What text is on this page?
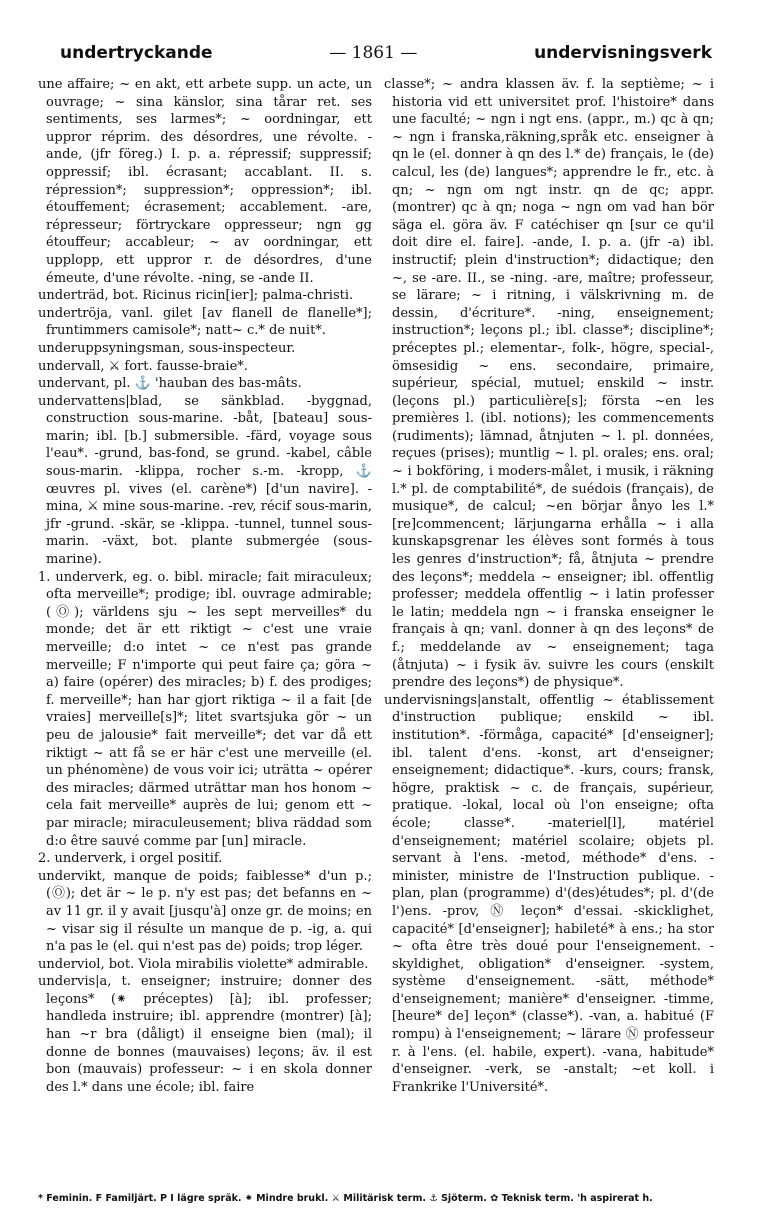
undertryckande	— 1861 —	undervisningsverk

une affaire; ~ en akt, ett arbete supp. un acte, un ouvrage; ~ sina känslor, sina tårar ret. ses sentiments, ses larmes*; ~ oordningar, ett uppror réprim. des désordres, une révolte. -ande, (jfr föreg.) I. p. a. répressif; suppressif; oppressif; ibl. écrasant; accablant. II. s. répression*; suppression*; oppression*; ibl. étouffement; écrasement; accablement. -are, répresseur; förtryckare oppresseur; ngn gg étouffeur; accableur; ~ av oordningar, ett upplopp, ett uppror r. de désordres, d'une émeute, d'une révolte. -ning, se -ande II.

underträd, bot. Ricinus ricin[ier]; palma-christi.

undertröja, vanl. gilet [av flanell de flanelle*]; fruntimmers camisole*; natt~ c.* de nuit*.

underuppsyningsman, sous-inspecteur.

undervall, ⚔ fort. fausse-braie*.

undervant, pl. ⚓ 'hauban des bas-mâts.

undervattens|blad, se sänkblad. -byggnad, construction sous-marine. -båt, [bateau] sous-marin; ibl. [b.] submersible. -färd, voyage sous l'eau*. -grund, bas-fond, se grund. -kabel, câble sous-marin. -klippa, rocher s.-m. -kropp, ⚓ œuvres pl. vives (el. carène*) [d'un navire]. -mina, ⚔ mine sous-marine. -rev, récif sous-marin, jfr -grund. -skär, se -klippa. -tunnel, tunnel sous-marin. -växt, bot. plante submergée (sous-marine).

1. underverk, eg. o. bibl. miracle; fait miraculeux; ofta merveille*; prodige; ibl. ouvrage admirable; (Ⓞ); världens sju ~ les sept merveilles* du monde; det är ett riktigt ~ c'est une vraie merveille; d:o intet ~ ce n'est pas grande merveille; F n'importe qui peut faire ça; göra ~ a) faire (opérer) des miracles; b) f. des prodiges; f. merveille*; han har gjort riktiga ~ il a fait [de vraies] merveille[s]*; litet svartsjuka gör ~ un peu de jalousie* fait merveille*; det var då ett riktigt ~ att få se er här c'est une merveille (el. un phénomène) de vous voir ici; uträtta ~ opérer des miracles; därmed uträttar man hos honom ~ cela fait merveille* auprès de lui; genom ett ~ par miracle; miraculeusement; bliva räddad som d:o être sauvé comme par [un] miracle.

2. underverk, i orgel positif.

undervikt, manque de poids; faiblesse* d'un p.; (Ⓞ); det är ~ le p. n'y est pas; det befanns en ~ av 11 gr. il y avait [jusqu'à] onze gr. de moins; en ~ visar sig il résulte un manque de p. -ig, a. qui n'a pas le (el. qui n'est pas de) poids; trop léger.

underviol, bot. Viola mirabilis violette* admirable.

undervis|a, t. enseigner; instruire; donner des leçons* (⁕ préceptes) [à]; ibl. professer; handleda instruire; ibl. apprendre (montrer) [à]; han ~r bra (dåligt) il enseigne bien (mal); il donne de bonnes (mauvaises) leçons; äv. il est bon (mauvais) professeur: ~ i en skola donner des l.* dans une école; ibl. faire

classe*; ~ andra klassen äv. f. la septième; ~ i historia vid ett universitet prof. l'histoire* dans une faculté; ~ ngn i ngt ens. (appr., m.) qc à qn; ~ ngn i franska,räkning,språk etc. enseigner à qn le (el. donner à qn des l.* de) français, le (de) calcul, les (de) langues*; apprendre le fr., etc. à qn; ~ ngn om ngt instr. qn de qc; appr. (montrer) qc à qn; noga ~ ngn om vad han bör säga el. göra äv. F catéchiser qn [sur ce qu'il doit dire el. faire]. -ande, I. p. a. (jfr -a) ibl. instructif; plein d'instruction*; didactique; den ~, se -are. II., se -ning. -are, maître; professeur, se lärare; ~ i ritning, i välskrivning m. de dessin, d'écriture*. -ning, enseignement; instruction*; leçons pl.; ibl. classe*; discipline*; préceptes pl.; elementar-, folk-, högre, special-, ömsesidig ~ ens. secondaire, primaire, supérieur, spécial, mutuel; enskild ~ instr. (leçons pl.) particulière[s]; första ~en les premières l. (ibl. notions); les commencements (rudiments); lämnad, åtnjuten ~ l. pl. données, reçues (prises); muntlig ~ l. pl. orales; ens. oral; ~ i bokföring, i moders-målet, i musik, i räkning l.* pl. de comptabilité*, de suédois (français), de musique*, de calcul; ~en börjar ånyo les l.* [re]commencent; lärjungarna erhålla ~ i alla kunskapsgrenar les élèves sont formés à tous les genres d'instruction*; få, åtnjuta ~ prendre des leçons*; meddela ~ enseigner; ibl. offentlig professer; meddela offentlig ~ i latin professer le latin; meddela ngn ~ i franska enseigner le français à qn; vanl. donner à qn des leçons* de f.; meddelande av ~ enseignement; taga (åtnjuta) ~ i fysik äv. suivre les cours (enskilt prendre des leçons*) de physique*.

undervisnings|anstalt, offentlig ~ établissement d'instruction publique; enskild ~ ibl. institution*. -förmåga, capacité* [d'enseigner]; ibl. talent d'ens. -konst, art d'enseigner; enseignement; didactique*. -kurs, cours; fransk, högre, praktisk ~ c. de français, supérieur, pratique. -lokal, local où l'on enseigne; ofta école; classe*. -materiel[l], matériel d'enseignement; matériel scolaire; objets pl. servant à l'ens. -metod, méthode* d'ens. -minister, ministre de l'Instruction publique. -plan, plan (programme) d'(des)études*; pl. d'(de l')ens. -prov, Ⓝ leçon* d'essai. -skicklighet, capacité* [d'enseigner]; habileté* à ens.; ha stor ~ ofta être très doué pour l'enseignement. -skyldighet, obligation* d'enseigner. -system, système d'enseignement. -sätt, méthode* d'enseignement; manière* d'enseigner. -timme, [heure* de] leçon* (classe*). -van, a. habitué (F rompu) à l'enseignement; ~ lärare Ⓝ professeur r. à l'ens. (el. habile, expert). -vana, habitude* d'enseigner. -verk, se -anstalt; ~et koll. i Frankrike l'Université*.

* Feminin. F Familjärt. P I lägre språk. ⁕ Mindre brukl. ⚔ Militärisk term. ⚓ Sjöterm. ✿ Teknisk term. 'h aspirerat h.
